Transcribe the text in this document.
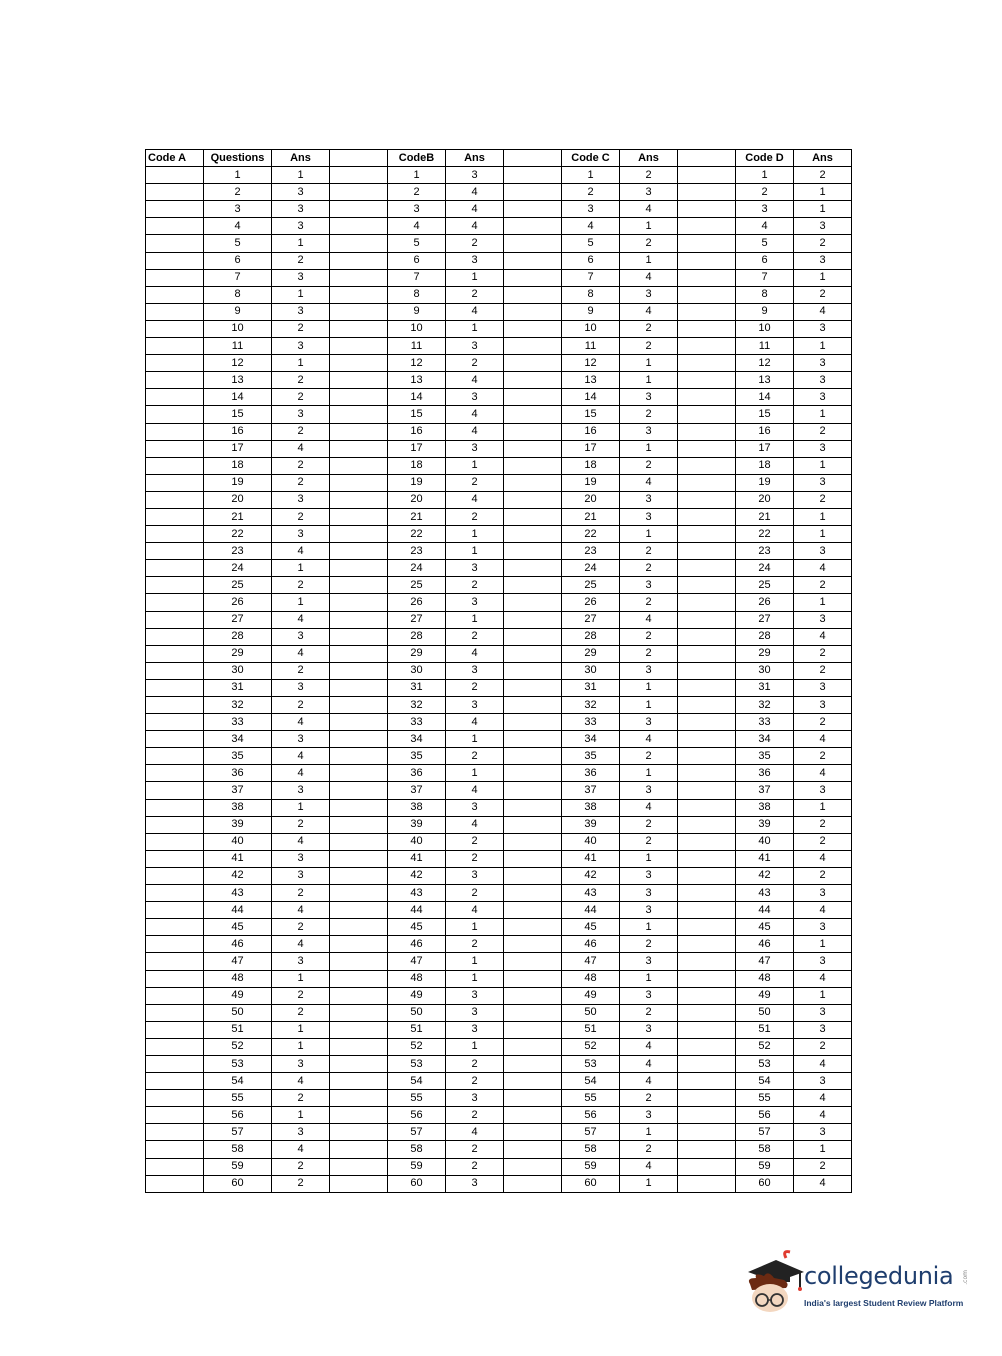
Code A	Questions	Ans		CodeB	Ans		Code C	Ans		Code D	Ans
	1	1		1	3		1	2		1	2
	2	3		2	4		2	3		2	1
	3	3		3	4		3	4		3	1
	4	3		4	4		4	1		4	3
	5	1		5	2		5	2		5	2
	6	2		6	3		6	1		6	3
	7	3		7	1		7	4		7	1
	8	1		8	2		8	3		8	2
	9	3		9	4		9	4		9	4
	10	2		10	1		10	2		10	3
	11	3		11	3		11	2		11	1
	12	1		12	2		12	1		12	3
	13	2		13	4		13	1		13	3
	14	2		14	3		14	3		14	3
	15	3		15	4		15	2		15	1
	16	2		16	4		16	3		16	2
	17	4		17	3		17	1		17	3
	18	2		18	1		18	2		18	1
	19	2		19	2		19	4		19	3
	20	3		20	4		20	3		20	2
	21	2		21	2		21	3		21	1
	22	3		22	1		22	1		22	1
	23	4		23	1		23	2		23	3
	24	1		24	3		24	2		24	4
	25	2		25	2		25	3		25	2
	26	1		26	3		26	2		26	1
	27	4		27	1		27	4		27	3
	28	3		28	2		28	2		28	4
	29	4		29	4		29	2		29	2
	30	2		30	3		30	3		30	2
	31	3		31	2		31	1		31	3
	32	2		32	3		32	1		32	3
	33	4		33	4		33	3		33	2
	34	3		34	1		34	4		34	4
	35	4		35	2		35	2		35	2
	36	4		36	1		36	1		36	4
	37	3		37	4		37	3		37	3
	38	1		38	3		38	4		38	1
	39	2		39	4		39	2		39	2
	40	4		40	2		40	2		40	2
	41	3		41	2		41	1		41	4
	42	3		42	3		42	3		42	2
	43	2		43	2		43	3		43	3
	44	4		44	4		44	3		44	4
	45	2		45	1		45	1		45	3
	46	4		46	2		46	2		46	1
	47	3		47	1		47	3		47	3
	48	1		48	1		48	1		48	4
	49	2		49	3		49	3		49	1
	50	2		50	3		50	2		50	3
	51	1		51	3		51	3		51	3
	52	1		52	1		52	4		52	2
	53	3		53	2		53	4		53	4
	54	4		54	2		54	4		54	3
	55	2		55	3		55	2		55	4
	56	1		56	2		56	3		56	4
	57	3		57	4		57	1		57	3
	58	4		58	2		58	2		58	1
	59	2		59	2		59	4		59	2
	60	2		60	3		60	1		60	4
collegedunia .com
India's largest Student Review Platform
